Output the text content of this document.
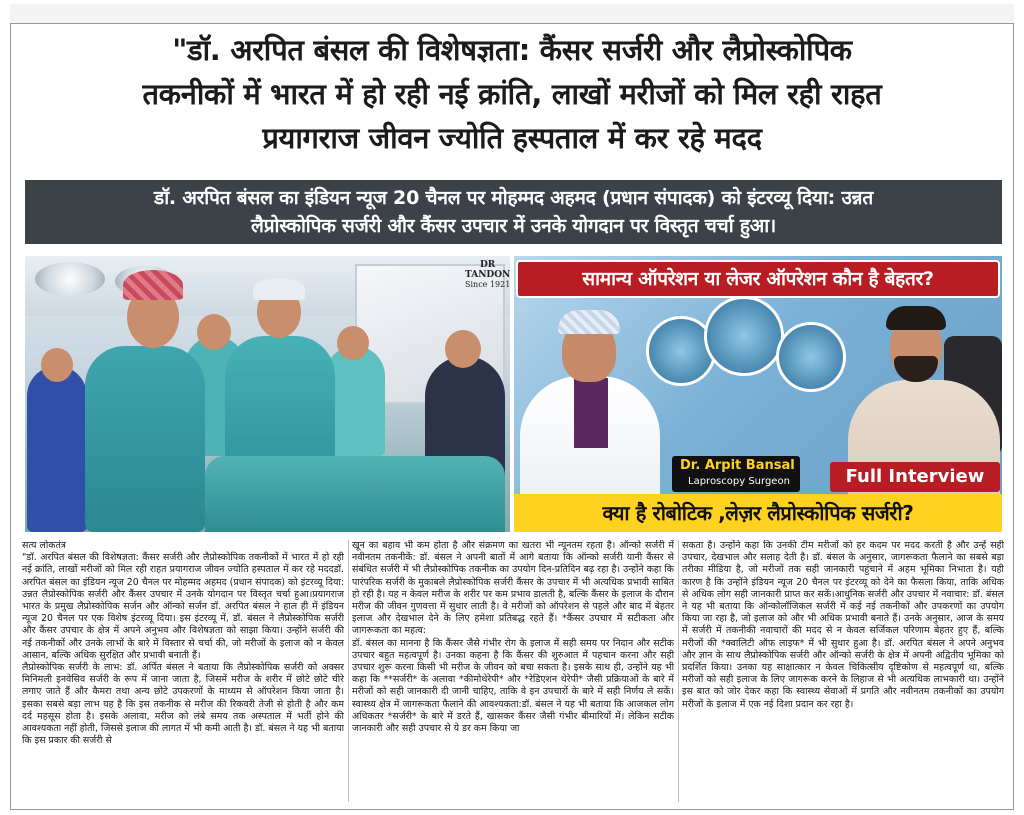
"डॉ. अरपित बंसल की विशेषज्ञता: कैंसर सर्जरी और लैप्रोस्कोपिक
तकनीकों में भारत में हो रही नई क्रांति, लाखों मरीजों को मिल रही राहत
प्रयागराज जीवन ज्योति हस्पताल में कर रहे मदद
डॉ. अरपित बंसल का इंडियन न्यूज 20 चैनल पर मोहम्मद अहमद (प्रधान संपादक) को इंटरव्यू दिया: उन्नत
लैप्रोस्कोपिक सर्जरी और कैंसर उपचार में उनके योगदान पर विस्तृत चर्चा हुआ।
DR
TANDON
Since 1921	सामान्य ऑपरेशन या लेजर ऑपरेशन कौन है बेहतर?
Dr. Arpit Bansal
Laproscopy Surgeon	Full Interview
क्या है रोबोटिक ,लेज़र लैप्रोस्कोपिक सर्जरी?

सत्य लोकतंत्र

"डॉ. अरपित बंसल की विशेषज्ञता: कैंसर सर्जरी और लैप्रोस्कोपिक तकनीकों में भारत में हो रही नई क्रांति, लाखों मरीजों को मिल रही राहत प्रयागराज जीवन ज्योति हस्पताल में कर रहे मददडॉ. अरपित बंसल का इंडियन न्यूज 20 चैनल पर मोहम्मद अहमद (प्रधान संपादक) को इंटरव्यू दिया: उन्नत लैप्रोस्कोपिक सर्जरी और कैंसर उपचार में उनके योगदान पर विस्तृत चर्चा हुआ।प्रयागराज भारत के प्रमुख लैप्रोस्कोपिक सर्जन और ऑन्को सर्जन डॉ. अरपित बंसल ने हाल ही में इंडियन न्यूज 20 चैनल पर एक विशेष इंटरव्यू दिया। इस इंटरव्यू में, डॉ. बंसल ने लैप्रोस्कोपिक सर्जरी और कैंसर उपचार के क्षेत्र में अपने अनुभव और विशेषज्ञता को साझा किया। उन्होंने सर्जरी की नई तकनीकों और उनके लाभों के बारे में विस्तार से चर्चा की, जो मरीजों के इलाज को न केवल आसान, बल्कि अधिक सुरक्षित और प्रभावी बनाती हैं।

लैप्रोस्कोपिक सर्जरी के लाभ: डॉ. अर्पित बंसल ने बताया कि लैप्रोस्कोपिक सर्जरी को अक्सर मिनिमली इनवेसिव सर्जरी के रूप में जाना जाता है, जिसमें मरीज के शरीर में छोटे छोटे चीरे लगाए जाते हैं और कैमरा तथा अन्य छोटे उपकरणों के माध्यम से ऑपरेशन किया जाता है। इसका सबसे बड़ा लाभ यह है कि इस तकनीक से मरीज की रिकवरी तेजी से होती है और कम दर्द महसूस होता है। इसके अलावा, मरीज को लंबे समय तक अस्पताल में भर्ती होने की आवश्यकता नहीं होती, जिससे इलाज की लागत में भी कमी आती है। डॉ. बंसल ने यह भी बताया कि इस प्रकार की सर्जरी से

खून का बहाव भी कम होता है और संक्रमण का खतरा भी न्यूनतम रहता है। ऑन्को सर्जरी में नवीनतम तकनीकें: डॉ. बंसल ने अपनी बातों में आगे बताया कि ऑन्को सर्जरी यानी कैंसर से संबंधित सर्जरी में भी लैप्रोस्कोपिक तकनीक का उपयोग दिन-प्रतिदिन बढ़ रहा है। उन्होंने कहा कि पारंपरिक सर्जरी के मुकाबले लैप्रोस्कोपिक सर्जरी कैंसर के उपचार में भी अत्यधिक प्रभावी साबित हो रही है। यह न केवल मरीज के शरीर पर कम प्रभाव डालती है, बल्कि कैंसर के इलाज के दौरान मरीज की जीवन गुणवत्ता में सुधार लाती है। वे मरीजों को ऑपरेशन से पहले और बाद में बेहतर इलाज और देखभाल देने के लिए हमेशा प्रतिबद्ध रहते हैं। *कैंसर उपचार में सटीकता और जागरूकता का महत्व:

डॉ. बंसल का मानना है कि कैंसर जैसे गंभीर रोग के इलाज में सही समय पर निदान और सटीक उपचार बहुत महत्वपूर्ण है। उनका कहना है कि कैंसर की शुरुआत में पहचान करना और सही उपचार शुरू करना किसी भी मरीज के जीवन को बचा सकता है। इसके साथ ही, उन्होंने यह भी कहा कि **सर्जरी* के अलावा *कीमोथेरेपी* और *रेडिएशन थेरेपी* जैसी प्रक्रियाओं के बारे में मरीजों को सही जानकारी दी जानी चाहिए, ताकि वे इन उपचारों के बारे में सही निर्णय ले सकें। स्वास्थ्य क्षेत्र में जागरूकता फैलाने की आवश्यकता:डॉ. बंसल ने यह भी बताया कि आजकल लोग अधिकतर *सर्जरी* के बारे में डरते हैं, खासकर कैंसर जैसी गंभीर बीमारियों में। लेकिन सटीक जानकारी और सही उपचार से ये डर कम किया जा

सकता है। उन्होंने कहा कि उनकी टीम मरीजों को हर कदम पर मदद करती है और उन्हें सही उपचार, देखभाल और सलाह देती है। डॉ. बंसल के अनुसार, जागरूकता फैलाने का सबसे बड़ा तरीका मीडिया है, जो मरीजों तक सही जानकारी पहुंचाने में अहम भूमिका निभाता है। यही कारण है कि उन्होंने इंडियन न्यूज 20 चैनल पर इंटरव्यू को देने का फैसला किया, ताकि अधिक से अधिक लोग सही जानकारी प्राप्त कर सकें।आधुनिक सर्जरी और उपचार में नवाचार: डॉ. बंसल ने यह भी बताया कि ऑन्कोलॉजिकल सर्जरी में कई नई तकनीकों और उपकरणों का उपयोग किया जा रहा है, जो इलाज को और भी अधिक प्रभावी बनाते हैं। उनके अनुसार, आज के समय में सर्जरी में तकनीकी नवाचारों की मदद से न केवल सर्जिकल परिणाम बेहतर हुए हैं, बल्कि मरीजों की *क्वालिटी ऑफ लाइफ* में भी सुधार हुआ है। डॉ. अरपित बंसल ने अपने अनुभव और ज्ञान के साथ लैप्रोस्कोपिक सर्जरी और ऑन्को सर्जरी के क्षेत्र में अपनी अद्वितीय भूमिका को प्रदर्शित किया। उनका यह साक्षात्कार न केवल चिकित्सीय दृष्टिकोण से महत्वपूर्ण था, बल्कि मरीजों को सही इलाज के लिए जागरूक करने के लिहाज से भी अत्यधिक लाभकारी था। उन्होंने इस बात को जोर देकर कहा कि स्वास्थ्य सेवाओं में प्रगति और नवीनतम तकनीकों का उपयोग मरीजों के इलाज में एक नई दिशा प्रदान कर रहा है।
